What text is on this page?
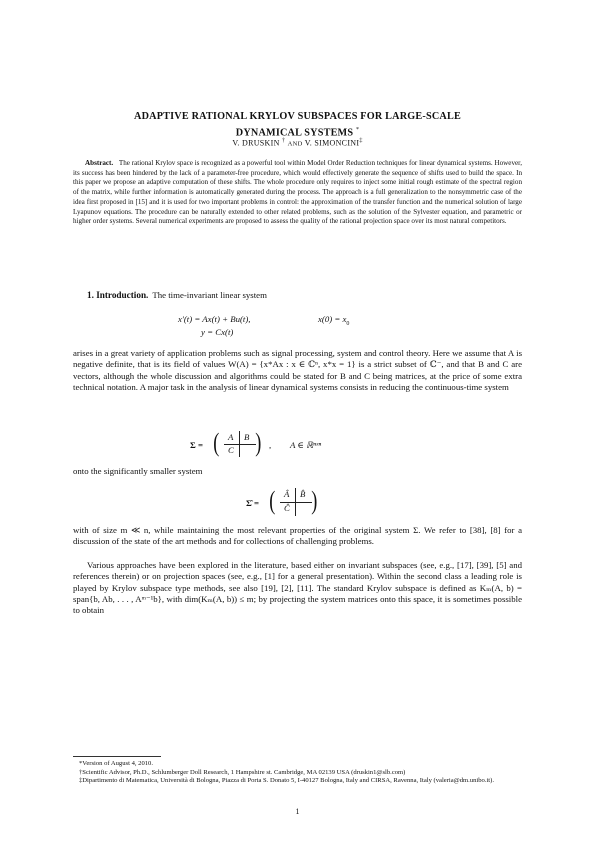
ADAPTIVE RATIONAL KRYLOV SUBSPACES FOR LARGE-SCALE
DYNAMICAL SYSTEMS *
V. DRUSKIN † AND V. SIMONCINI‡
Abstract. The rational Krylov space is recognized as a powerful tool within Model Order Reduction techniques for linear dynamical systems. However, its success has been hindered by the lack of a parameter-free procedure, which would effectively generate the sequence of shifts used to build the space. In this paper we propose an adaptive computation of these shifts. The whole procedure only requires to inject some initial rough estimate of the spectral region of the matrix, while further information is automatically generated during the process. The approach is a full generalization to the nonsymmetric case of the idea first proposed in [15] and it is used for two important problems in control: the approximation of the transfer function and the numerical solution of large Lyapunov equations. The procedure can be naturally extended to other related problems, such as the solution of the Sylvester equation, and parametric or higher order systems. Several numerical experiments are proposed to assess the quality of the rational projection space over its most natural competitors.
1. Introduction. The time-invariant linear system
x′(t) = Ax(t) + Bu(t),	$x(0) = x_0$
y = Cx(t)

arises in a great variety of application problems such as signal processing, system and control theory. Here we assume that A is negative definite, that is its field of values W(A) = {x*Ax : x ∈ ℂⁿ, x*x = 1} is a strict subset of ℂ⁻, and that B and C are vectors, although the whole discussion and algorithms could be stated for B and C being matrices, at the price of some extra technical notation. A major task in the analysis of linear dynamical systems consists in reducing the continuous-time system

Σ = ( A B
C ) , A ∈ ℝⁿˣⁿ

onto the significantly smaller system

Σ̂ = ( Â B̂
Ĉ )

with of size m ≪ n, while maintaining the most relevant properties of the original system Σ. We refer to [38], [8] for a discussion of the state of the art methods and for collections of challenging problems.

Various approaches have been explored in the literature, based either on invariant subspaces (see, e.g., [17], [39], [5] and references therein) or on projection spaces (see, e.g., [1] for a general presentation). Within the second class a leading role is played by Krylov subspace type methods, see also [19], [2], [11]. The standard Krylov subspace is defined as Kₘ(A, b) = span{b, Ab, . . . , Aᵐ⁻¹b}, with dim(Kₘ(A, b)) ≤ m; by projecting the system matrices onto this space, it is sometimes possible to obtain

*Version of August 4, 2010.

†Scientific Advisor, Ph.D., Schlumberger Doll Research, 1 Hampshire st. Cambridge, MA 02139 USA (druskin1@slb.com)

‡Dipartimento di Matematica, Università di Bologna, Piazza di Porta S. Donato 5, I-40127 Bologna, Italy and CIRSA, Ravenna, Italy (valeria@dm.unibo.it).

1
